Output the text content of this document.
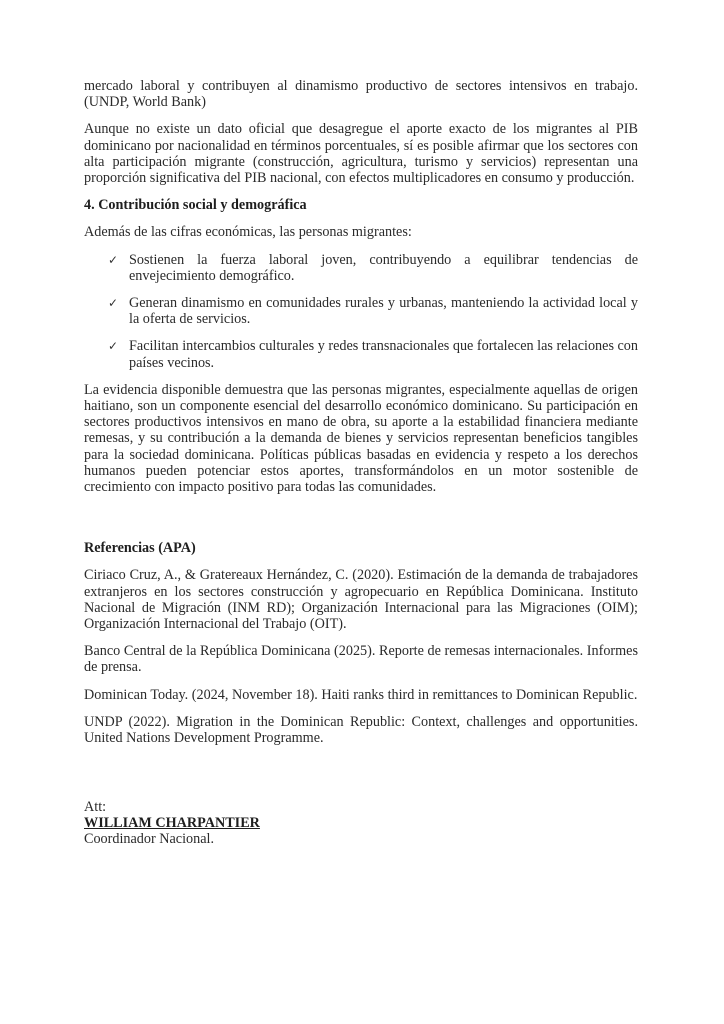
mercado laboral y contribuyen al dinamismo productivo de sectores intensivos en trabajo. (UNDP, World Bank)

Aunque no existe un dato oficial que desagregue el aporte exacto de los migrantes al PIB dominicano por nacionalidad en términos porcentuales, sí es posible afirmar que los sectores con alta participación migrante (construcción, agricultura, turismo y servicios) representan una proporción significativa del PIB nacional, con efectos multiplicadores en consumo y producción.

4. Contribución social y demográfica

Además de las cifras económicas, las personas migrantes:

✓ Sostienen la fuerza laboral joven, contribuyendo a equilibrar tendencias de envejecimiento demográfico.
✓ Generan dinamismo en comunidades rurales y urbanas, manteniendo la actividad local y la oferta de servicios.
✓ Facilitan intercambios culturales y redes transnacionales que fortalecen las relaciones con países vecinos.

La evidencia disponible demuestra que las personas migrantes, especialmente aquellas de origen haitiano, son un componente esencial del desarrollo económico dominicano. Su participación en sectores productivos intensivos en mano de obra, su aporte a la estabilidad financiera mediante remesas, y su contribución a la demanda de bienes y servicios representan beneficios tangibles para la sociedad dominicana. Políticas públicas basadas en evidencia y respeto a los derechos humanos pueden potenciar estos aportes, transformándolos en un motor sostenible de crecimiento con impacto positivo para todas las comunidades.

Referencias (APA)

Ciriaco Cruz, A., & Gratereaux Hernández, C. (2020). Estimación de la demanda de trabajadores extranjeros en los sectores construcción y agropecuario en República Dominicana. Instituto Nacional de Migración (INM RD); Organización Internacional para las Migraciones (OIM); Organización Internacional del Trabajo (OIT).

Banco Central de la República Dominicana (2025). Reporte de remesas internacionales. Informes de prensa.

Dominican Today. (2024, November 18). Haiti ranks third in remittances to Dominican Republic.

UNDP (2022). Migration in the Dominican Republic: Context, challenges and opportunities. United Nations Development Programme.

Att:
WILLIAM CHARPANTIER
Coordinador Nacional.
